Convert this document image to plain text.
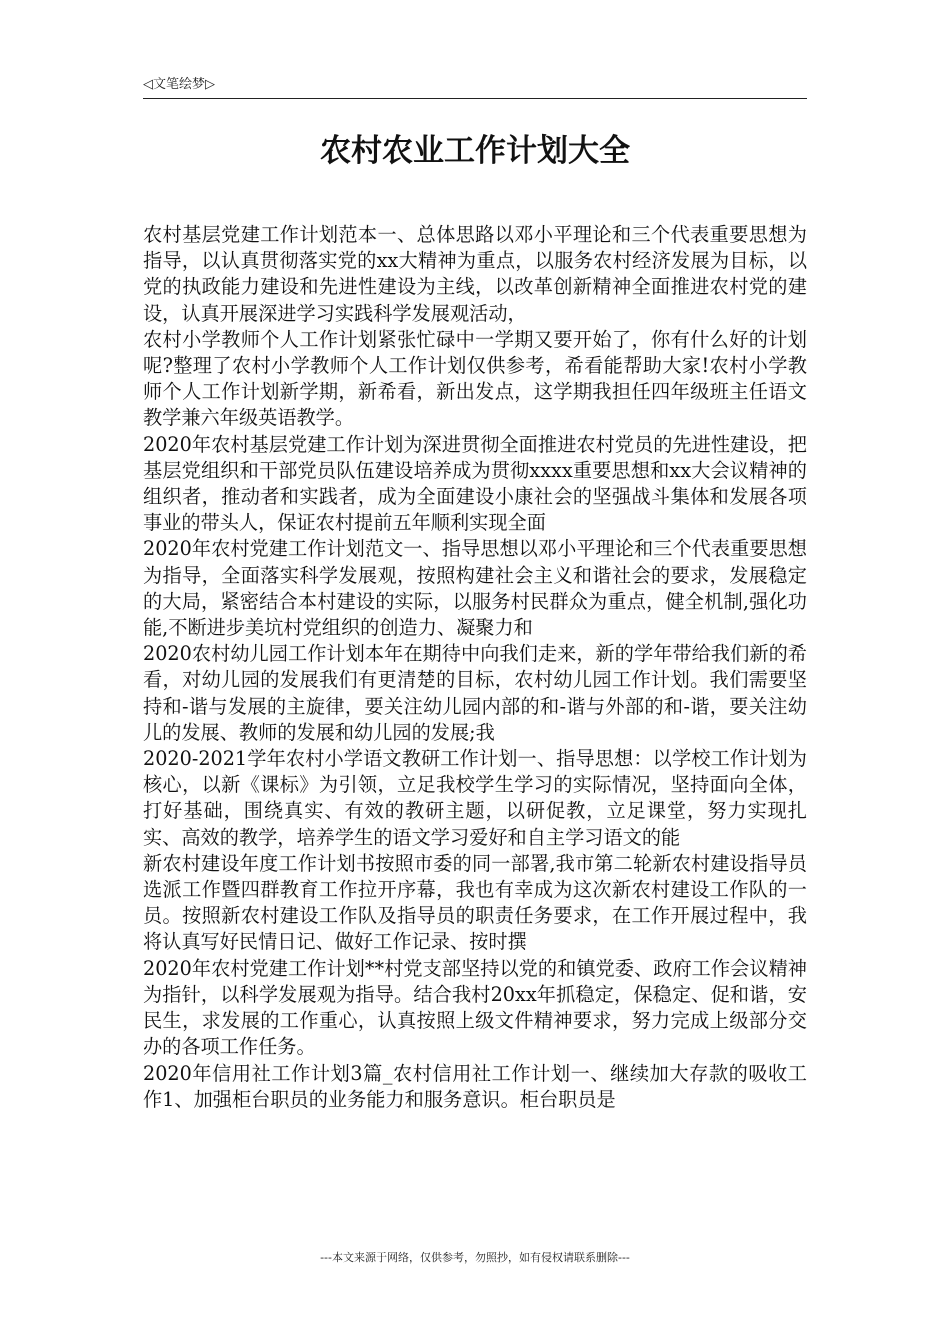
◁文笔绘梦▷
农村农业工作计划大全

农村基层党建工作计划范本一、总体思路以邓小平理论和三个代表重要思想为指导，以认真贯彻落实党的xx大精神为重点，以服务农村经济发展为目标，以党的执政能力建设和先进性建设为主线，以改革创新精神全面推进农村党的建设，认真开展深进学习实践科学发展观活动，

农村小学教师个人工作计划紧张忙碌中一学期又要开始了，你有什么好的计划呢?整理了农村小学教师个人工作计划仅供参考，希看能帮助大家!农村小学教师个人工作计划新学期，新希看，新出发点，这学期我担任四年级班主任语文教学兼六年级英语教学。

2020年农村基层党建工作计划为深进贯彻全面推进农村党员的先进性建设，把基层党组织和干部党员队伍建设培养成为贯彻xxxx重要思想和xx大会议精神的组织者，推动者和实践者，成为全面建设小康社会的坚强战斗集体和发展各项事业的带头人，保证农村提前五年顺利实现全面

2020年农村党建工作计划范文一、指导思想以邓小平理论和三个代表重要思想为指导，全面落实科学发展观，按照构建社会主义和谐社会的要求，发展稳定的大局，紧密结合本村建设的实际，以服务村民群众为重点，健全机制,强化功能,不断进步美坑村党组织的创造力、凝聚力和

2020农村幼儿园工作计划本年在期待中向我们走来，新的学年带给我们新的希看，对幼儿园的发展我们有更清楚的目标，农村幼儿园工作计划。我们需要坚持和-谐与发展的主旋律，要关注幼儿园内部的和-谐与外部的和-谐，要关注幼儿的发展、教师的发展和幼儿园的发展;我

2020-2021学年农村小学语文教研工作计划一、指导思想：以学校工作计划为核心，以新《课标》为引领，立足我校学生学习的实际情况，坚持面向全体，打好基础，围绕真实、有效的教研主题，以研促教，立足课堂，努力实现扎实、高效的教学，培养学生的语文学习爱好和自主学习语文的能

新农村建设年度工作计划书按照市委的同一部署,我市第二轮新农村建设指导员选派工作暨四群教育工作拉开序幕，我也有幸成为这次新农村建设工作队的一员。按照新农村建设工作队及指导员的职责任务要求，在工作开展过程中，我将认真写好民情日记、做好工作记录、按时撰

2020年农村党建工作计划**村党支部坚持以党的和镇党委、政府工作会议精神为指针，以科学发展观为指导。结合我村20xx年抓稳定，保稳定、促和谐，安民生，求发展的工作重心，认真按照上级文件精神要求，努力完成上级部分交办的各项工作任务。

2020年信用社工作计划3篇_农村信用社工作计划一、继续加大存款的吸收工作1、加强柜台职员的业务能力和服务意识。柜台职员是

---本文来源于网络，仅供参考，勿照抄，如有侵权请联系删除---
